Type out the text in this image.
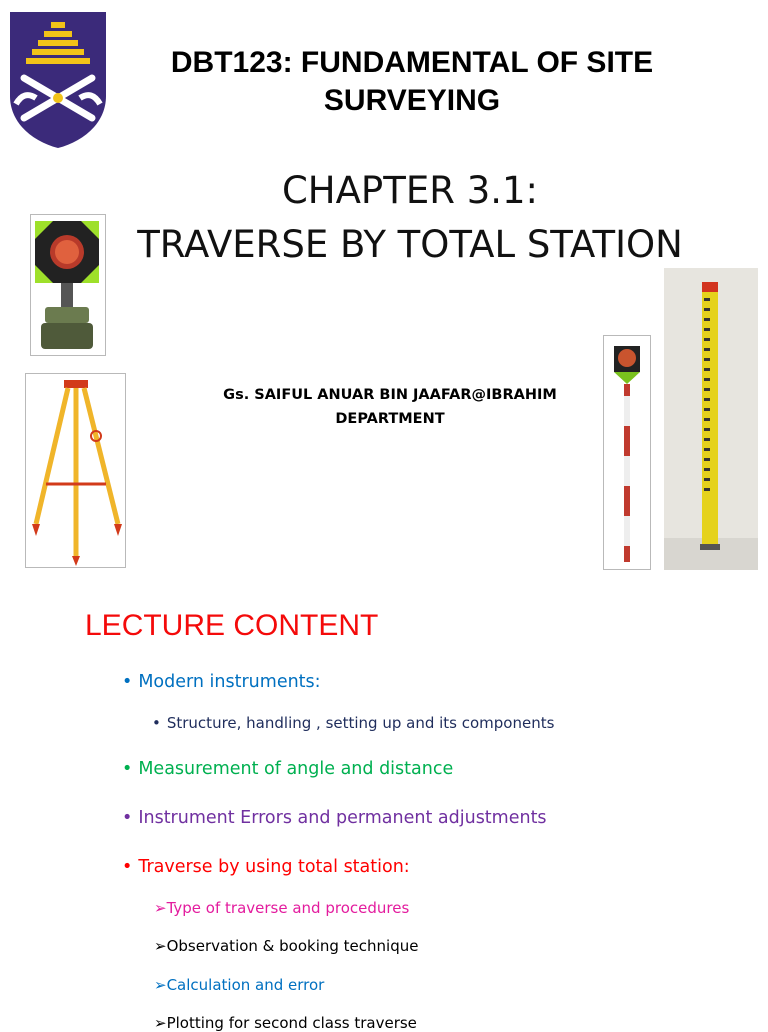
DBT123: FUNDAMENTAL OF SITE SURVEYING
CHAPTER 3.1:
TRAVERSE BY TOTAL STATION
Gs. SAIFUL ANUAR BIN JAAFAR@IBRAHIM
DEPARTMENT
LECTURE CONTENT
• Modern instruments:
• Structure, handling , setting up and its components
• Measurement of angle and distance
• Instrument Errors and permanent adjustments
• Traverse by using total station:
➢Type of traverse and procedures
➢Observation & booking technique
➢Calculation and error
➢Plotting for second class traverse
